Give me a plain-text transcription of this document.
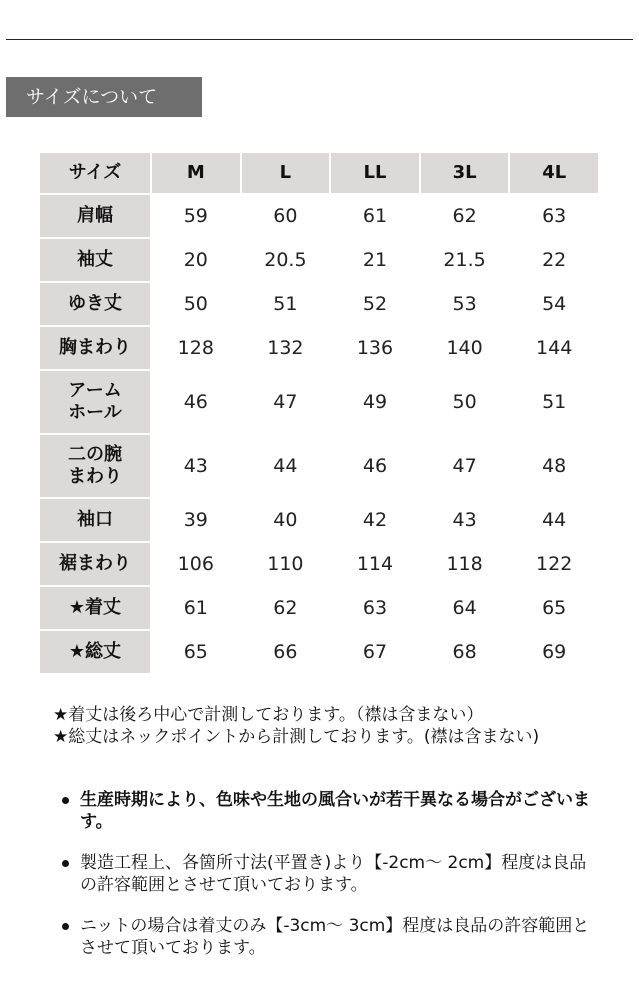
サイズについて
サイズ	M	L	LL	3L	4L
肩幅	59	60	61	62	63
袖丈	20	20.5	21	21.5	22
ゆき丈	50	51	52	53	54
胸まわり	128	132	136	140	144
アーム
ホール	46	47	49	50	51
二の腕
まわり	43	44	46	47	48
袖口	39	40	42	43	44
裾まわり	106	110	114	118	122
★着丈	61	62	63	64	65
★総丈	65	66	67	68	69

★着丈は後ろ中心で計測しております。（襟は含まない）

★総丈はネックポイントから計測しております。(襟は含まない)

生産時期により、色味や生地の風合いが若干異なる場合がございます。
製造工程上、各箇所寸法(平置き)より【-2cm～ 2cm】程度は良品の許容範囲とさせて頂いております。
ニットの場合は着丈のみ【-3cm～ 3cm】程度は良品の許容範囲とさせて頂いております。
